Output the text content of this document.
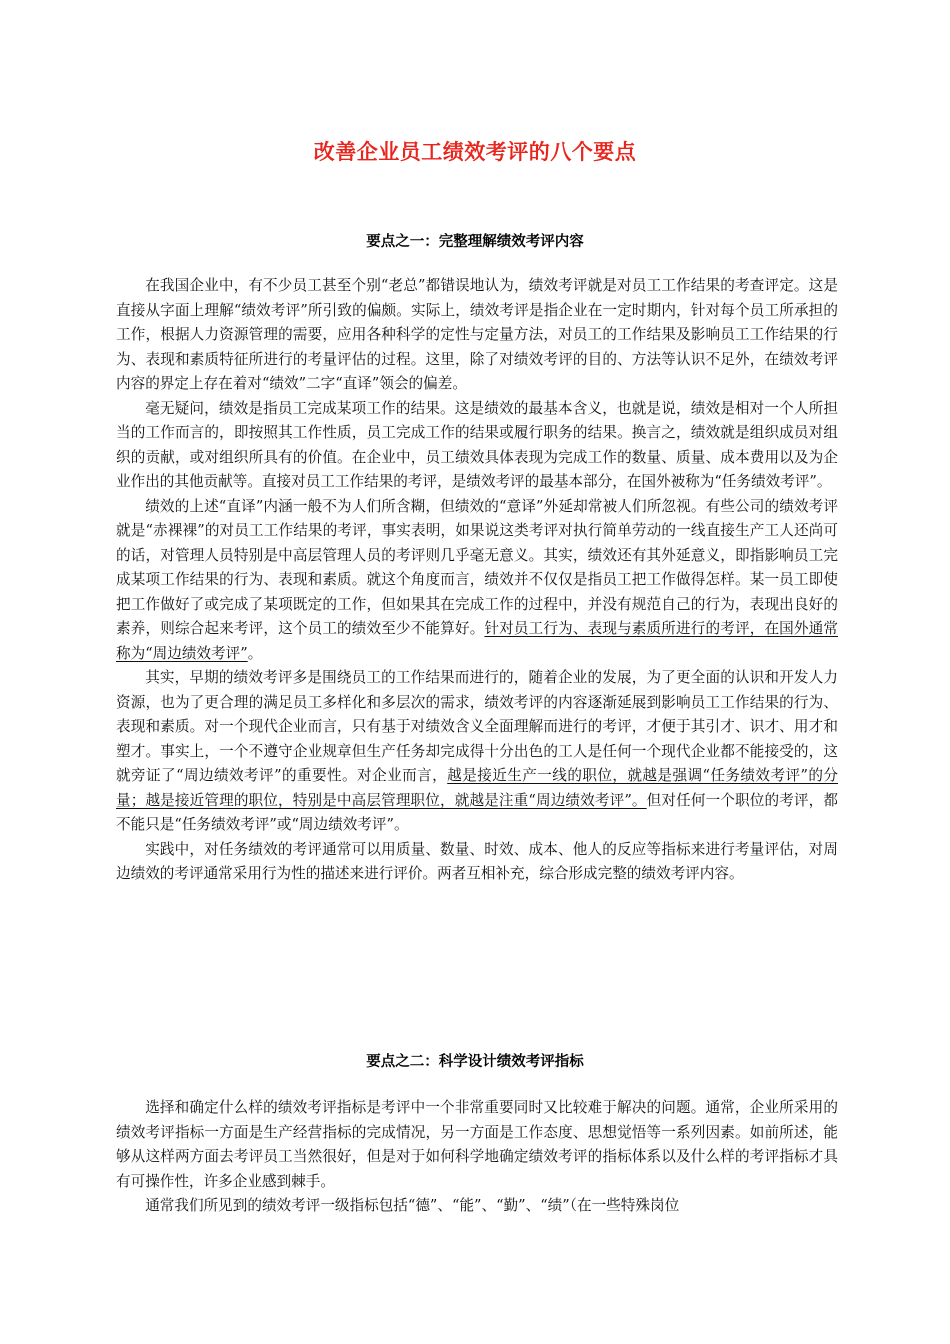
改善企业员工绩效考评的八个要点
要点之一：完整理解绩效考评内容

在我国企业中，有不少员工甚至个别“老总”都错误地认为，绩效考评就是对员工工作结果的考查评定。这是直接从字面上理解“绩效考评”所引致的偏颇。实际上，绩效考评是指企业在一定时期内，针对每个员工所承担的工作，根据人力资源管理的需要，应用各种科学的定性与定量方法，对员工的工作结果及影响员工工作结果的行为、表现和素质特征所进行的考量评估的过程。这里，除了对绩效考评的目的、方法等认识不足外，在绩效考评内容的界定上存在着对“绩效”二字“直译”领会的偏差。

毫无疑问，绩效是指员工完成某项工作的结果。这是绩效的最基本含义，也就是说，绩效是相对一个人所担当的工作而言的，即按照其工作性质，员工完成工作的结果或履行职务的结果。换言之，绩效就是组织成员对组织的贡献，或对组织所具有的价值。在企业中，员工绩效具体表现为完成工作的数量、质量、成本费用以及为企业作出的其他贡献等。直接对员工工作结果的考评，是绩效考评的最基本部分，在国外被称为“任务绩效考评”。

绩效的上述“直译”内涵一般不为人们所含糊，但绩效的“意译”外延却常被人们所忽视。有些公司的绩效考评就是“赤裸裸”的对员工工作结果的考评，事实表明，如果说这类考评对执行简单劳动的一线直接生产工人还尚可的话，对管理人员特别是中高层管理人员的考评则几乎毫无意义。其实，绩效还有其外延意义，即指影响员工完成某项工作结果的行为、表现和素质。就这个角度而言，绩效并不仅仅是指员工把工作做得怎样。某一员工即使把工作做好了或完成了某项既定的工作，但如果其在完成工作的过程中，并没有规范自己的行为，表现出良好的素养，则综合起来考评，这个员工的绩效至少不能算好。针对员工行为、表现与素质所进行的考评，在国外通常称为“周边绩效考评”。

其实，早期的绩效考评多是围绕员工的工作结果而进行的，随着企业的发展，为了更全面的认识和开发人力资源，也为了更合理的满足员工多样化和多层次的需求，绩效考评的内容逐渐延展到影响员工工作结果的行为、表现和素质。对一个现代企业而言，只有基于对绩效含义全面理解而进行的考评，才便于其引才、识才、用才和塑才。事实上，一个不遵守企业规章但生产任务却完成得十分出色的工人是任何一个现代企业都不能接受的，这就旁证了“周边绩效考评”的重要性。对企业而言，越是接近生产一线的职位，就越是强调“任务绩效考评”的分量；越是接近管理的职位，特别是中高层管理职位，就越是注重“周边绩效考评”。但对任何一个职位的考评，都不能只是“任务绩效考评”或“周边绩效考评”。

实践中，对任务绩效的考评通常可以用质量、数量、时效、成本、他人的反应等指标来进行考量评估，对周边绩效的考评通常采用行为性的描述来进行评价。两者互相补充，综合形成完整的绩效考评内容。

要点之二：科学设计绩效考评指标

选择和确定什么样的绩效考评指标是考评中一个非常重要同时又比较难于解决的问题。通常，企业所采用的绩效考评指标一方面是生产经营指标的完成情况，另一方面是工作态度、思想觉悟等一系列因素。如前所述，能够从这样两方面去考评员工当然很好，但是对于如何科学地确定绩效考评的指标体系以及什么样的考评指标才具有可操作性，许多企业感到棘手。

通常我们所见到的绩效考评一级指标包括“德”、“能”、“勤”、“绩”（在一些特殊岗位
